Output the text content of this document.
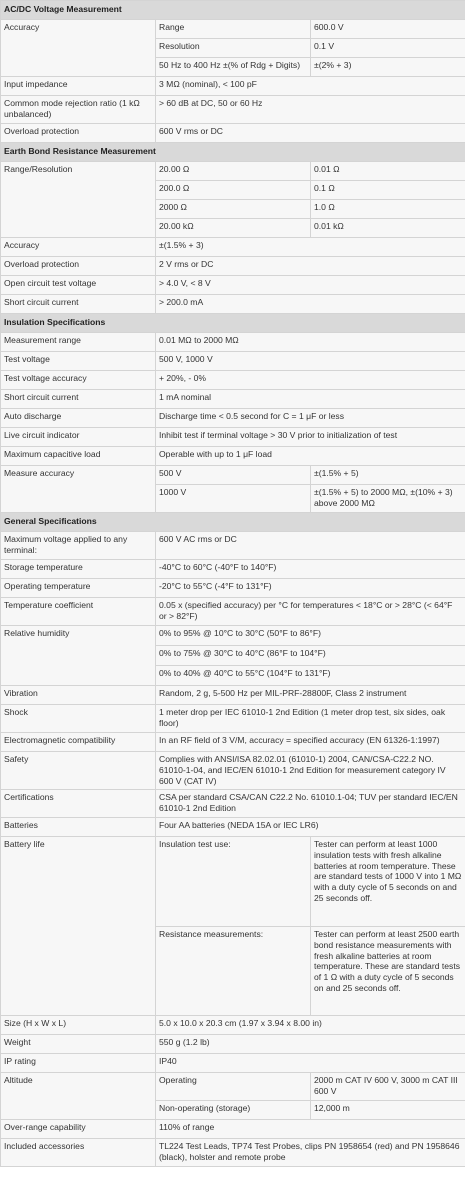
AC/DC Voltage Measurement		
Accuracy	Range	600.0 V
	Resolution	0.1 V
	50 Hz to 400 Hz ±(% of Rdg + Digits)	±(2% + 3)
Input impedance	3 MΩ (nominal), < 100 pF	
Common mode rejection ratio (1 kΩ unbalanced)	> 60 dB at DC, 50 or 60 Hz	
Overload protection	600 V rms or DC	
Earth Bond Resistance Measurement		
Range/Resolution	20.00 Ω	0.01 Ω
	200.0 Ω	0.1 Ω
	2000 Ω	1.0 Ω
	20.00 kΩ	0.01 kΩ
Accuracy	±(1.5% + 3)	
Overload protection	2 V rms or DC	
Open circuit test voltage	> 4.0 V, < 8 V	
Short circuit current	> 200.0 mA	
Insulation Specifications		
Measurement range	0.01 MΩ to 2000 MΩ	
Test voltage	500 V, 1000 V	
Test voltage accuracy	+ 20%, - 0%	
Short circuit current	1 mA nominal	
Auto discharge	Discharge time < 0.5 second for C = 1 μF or less	
Live circuit indicator	Inhibit test if terminal voltage > 30 V prior to initialization of test	
Maximum capacitive load	Operable with up to 1 μF load	
Measure accuracy	500 V	±(1.5% + 5)
	1000 V	±(1.5% + 5) to 2000 MΩ, ±(10% + 3) above 2000 MΩ
General Specifications		
Maximum voltage applied to any terminal:	600 V AC rms or DC	
Storage temperature	-40°C to 60°C (-40°F to 140°F)	
Operating temperature	-20°C to 55°C (-4°F to 131°F)	
Temperature coefficient	0.05 x (specified accuracy) per °C for temperatures < 18°C or > 28°C (< 64°F or > 82°F)	
Relative humidity	0% to 95% @ 10°C to 30°C (50°F to 86°F)	
	0% to 75% @ 30°C to 40°C (86°F to 104°F)	
	0% to 40% @ 40°C to 55°C (104°F to 131°F)	
Vibration	Random, 2 g, 5-500 Hz per MIL-PRF-28800F, Class 2 instrument	
Shock	1 meter drop per IEC 61010-1 2nd Edition (1 meter drop test, six sides, oak floor)	
Electromagnetic compatibility	In an RF field of 3 V/M, accuracy = specified accuracy (EN 61326-1:1997)	
Safety	Complies with ANSI/ISA 82.02.01 (61010-1) 2004, CAN/CSA-C22.2 NO. 61010-1-04, and IEC/EN 61010-1 2nd Edition for measurement category IV 600 V (CAT IV)	
Certifications	CSA per standard CSA/CAN C22.2 No. 61010.1-04; TUV per standard IEC/EN 61010-1 2nd Edition	
Batteries	Four AA batteries (NEDA 15A or IEC LR6)	
Battery life	Insulation test use:	Tester can perform at least 1000 insulation tests with fresh alkaline batteries at room temperature. These are standard tests of 1000 V into 1 MΩ with a duty cycle of 5 seconds on and 25 seconds off.
	Resistance measurements:	Tester can perform at least 2500 earth bond resistance measurements with fresh alkaline batteries at room temperature. These are standard tests of 1 Ω with a duty cycle of 5 seconds on and 25 seconds off.
Size (H x W x L)	5.0 x 10.0 x 20.3 cm (1.97 x 3.94 x 8.00 in)	
Weight	550 g (1.2 lb)	
IP rating	IP40	
Altitude	Operating	2000 m CAT IV 600 V, 3000 m CAT III 600 V
	Non-operating (storage)	12,000 m
Over-range capability	110% of range	
Included accessories	TL224 Test Leads, TP74 Test Probes, clips PN 1958654 (red) and PN 1958646 (black), holster and remote probe	
